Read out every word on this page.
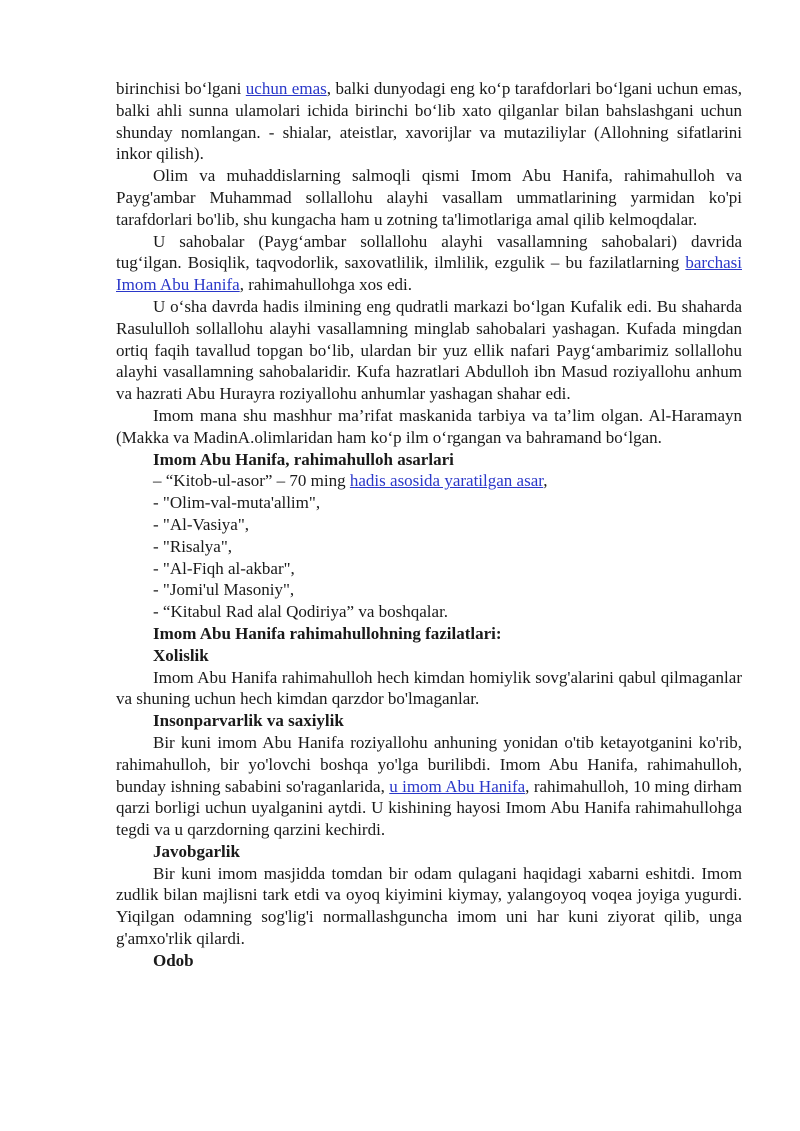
birinchisi bo‘lgani uchun emas, balki dunyodagi eng ko‘p tarafdorlari bo‘lgani uchun emas, balki ahli sunna ulamolari ichida birinchi bo‘lib xato qilganlar bilan bahslashgani uchun shunday nomlangan. - shialar, ateistlar, xavorijlar va mutaziliylar (Allohning sifatlarini inkor qilish).

Olim va muhaddislarning salmoqli qismi Imom Abu Hanifa, rahimahulloh va Payg'ambar Muhammad sollallohu alayhi vasallam ummatlarining yarmidan ko'pi tarafdorlari bo'lib, shu kungacha ham u zotning ta'limotlariga amal qilib kelmoqdalar.

U sahobalar (Payg‘ambar sollallohu alayhi vasallamning sahobalari) davrida tug‘ilgan. Bosiqlik, taqvodorlik, saxovatlilik, ilmlilik, ezgulik – bu fazilatlarning barchasi Imom Abu Hanifa, rahimahullohga xos edi.

U o‘sha davrda hadis ilmining eng qudratli markazi bo‘lgan Kufalik edi. Bu shaharda Rasululloh sollallohu alayhi vasallamning minglab sahobalari yashagan. Kufada mingdan ortiq faqih tavallud topgan bo‘lib, ulardan bir yuz ellik nafari Payg‘ambarimiz sollallohu alayhi vasallamning sahobalaridir. Kufa hazratlari Abdulloh ibn Masud roziyallohu anhum va hazrati Abu Hurayra roziyallohu anhumlar yashagan shahar edi.

Imom mana shu mashhur ma’rifat maskanida tarbiya va ta’lim olgan. Al-Haramayn (Makka va MadinA.olimlaridan ham ko‘p ilm o‘rgangan va bahramand bo‘lgan.

Imom Abu Hanifa, rahimahulloh asarlari

– “Kitob-ul-asor” – 70 ming hadis asosida yaratilgan asar,

- "Olim-val-muta'allim",

- "Al-Vasiya",

- "Risalya",

- "Al-Fiqh al-akbar",

- "Jomi'ul Masoniy",

- “Kitabul Rad alal Qodiriya” va boshqalar.

Imom Abu Hanifa rahimahullohning fazilatlari:

Xolislik

Imom Abu Hanifa rahimahulloh hech kimdan homiylik sovg'alarini qabul qilmaganlar va shuning uchun hech kimdan qarzdor bo'lmaganlar.

Insonparvarlik va saxiylik

Bir kuni imom Abu Hanifa roziyallohu anhuning yonidan o'tib ketayotganini ko'rib, rahimahulloh, bir yo'lovchi boshqa yo'lga burilibdi. Imom Abu Hanifa, rahimahulloh, bunday ishning sababini so'raganlarida, u imom Abu Hanifa, rahimahulloh, 10 ming dirham qarzi borligi uchun uyalganini aytdi. U kishining hayosi Imom Abu Hanifa rahimahullohga tegdi va u qarzdorning qarzini kechirdi.

Javobgarlik

Bir kuni imom masjidda tomdan bir odam qulagani haqidagi xabarni eshitdi. Imom zudlik bilan majlisni tark etdi va oyoq kiyimini kiymay, yalangoyoq voqea joyiga yugurdi. Yiqilgan odamning sog'lig'i normallashguncha imom uni har kuni ziyorat qilib, unga g'amxo'rlik qilardi.

Odob
